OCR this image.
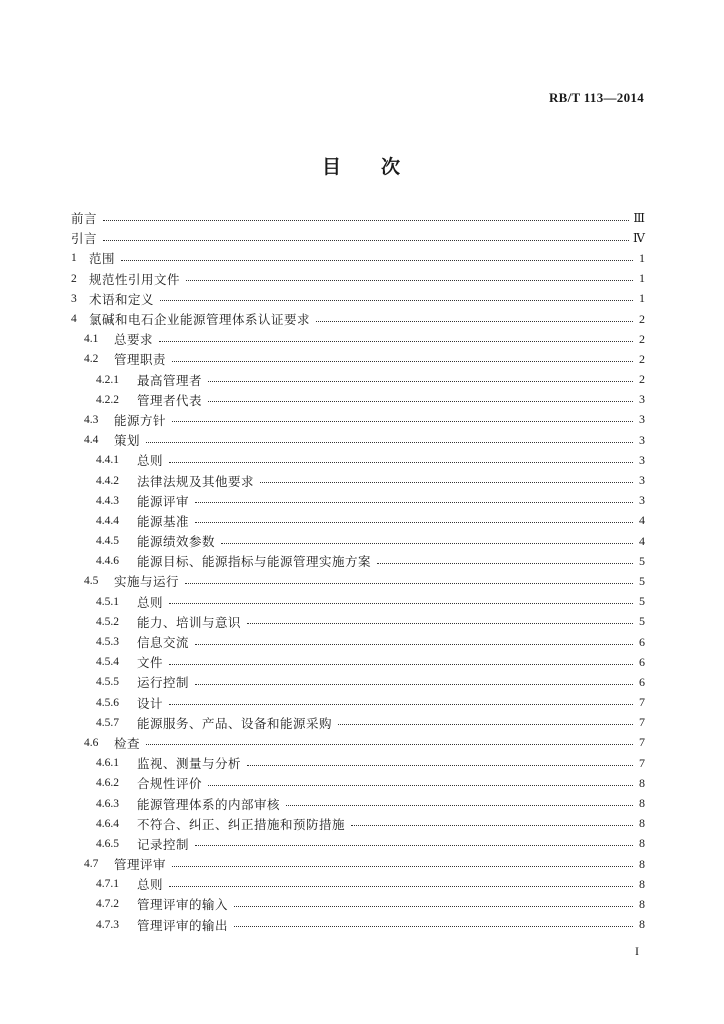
RB/T 113—2014
目 次
前言	Ⅲ
引言	Ⅳ
1 范围	1
2 规范性引用文件	1
3 术语和定义	1
4 氯碱和电石企业能源管理体系认证要求	2
4.1	总要求	2
4.2	管理职责	2
4.2.1	最高管理者	2
4.2.2	管理者代表	3
4.3	能源方针	3
4.4	策划	3
4.4.1	总则	3
4.4.2	法律法规及其他要求	3
4.4.3	能源评审	3
4.4.4	能源基准	4
4.4.5	能源绩效参数	4
4.4.6	能源目标、能源指标与能源管理实施方案	5
4.5	实施与运行	5
4.5.1	总则	5
4.5.2	能力、培训与意识	5
4.5.3	信息交流	6
4.5.4	文件	6
4.5.5	运行控制	6
4.5.6	设计	7
4.5.7	能源服务、产品、设备和能源采购	7
4.6	检查	7
4.6.1	监视、测量与分析	7
4.6.2	合规性评价	8
4.6.3	能源管理体系的内部审核	8
4.6.4	不符合、纠正、纠正措施和预防措施	8
4.6.5	记录控制	8
4.7	管理评审	8
4.7.1	总则	8
4.7.2	管理评审的输入	8
4.7.3	管理评审的输出	8
I
